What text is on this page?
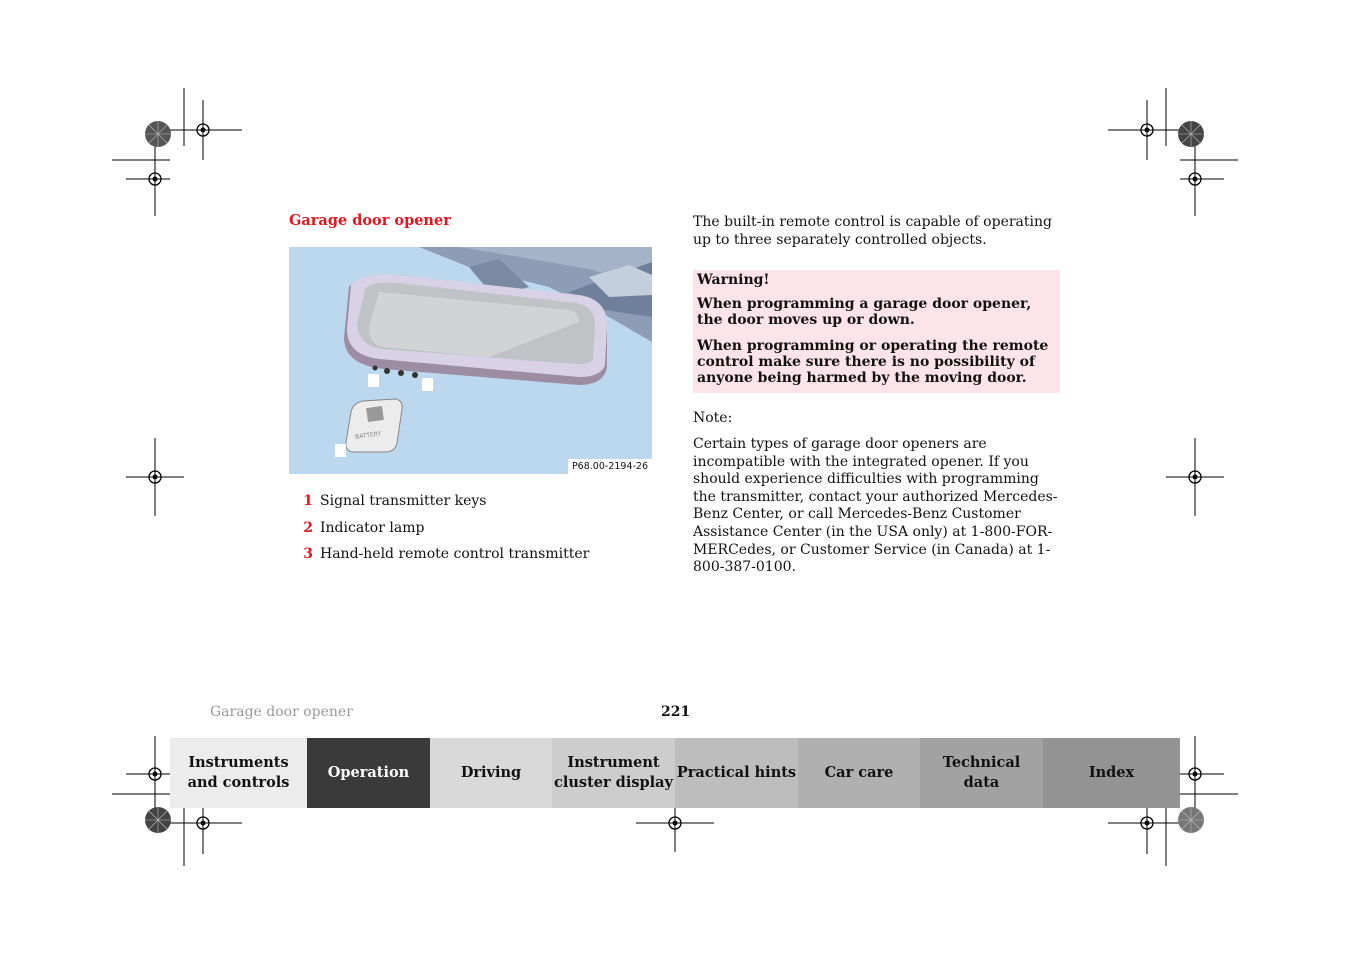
Garage door opener
BATTERY
P68.00-2194-26
1 Signal transmitter keys
2 Indicator lamp
3 Hand-held remote control transmitter
The built-in remote control is capable of operating up to three separately controlled objects.
Warning!
When programming a garage door opener, the door moves up or down.
When programming or operating the remote control make sure there is no possibility of anyone being harmed by the moving door.
Note:
Certain types of garage door openers are incompatible with the integrated opener. If you should experience difficulties with programming the transmitter, contact your authorized Mercedes-Benz Center, or call Mercedes-Benz Customer Assistance Center (in the USA only) at 1-800-FOR-MERCedes, or Customer Service (in Canada) at 1-800-387-0100.
Garage door opener	221
Instruments
and controls
Operation	Driving
Instrument
cluster display
Practical hints Car care
Technical
data
Index
